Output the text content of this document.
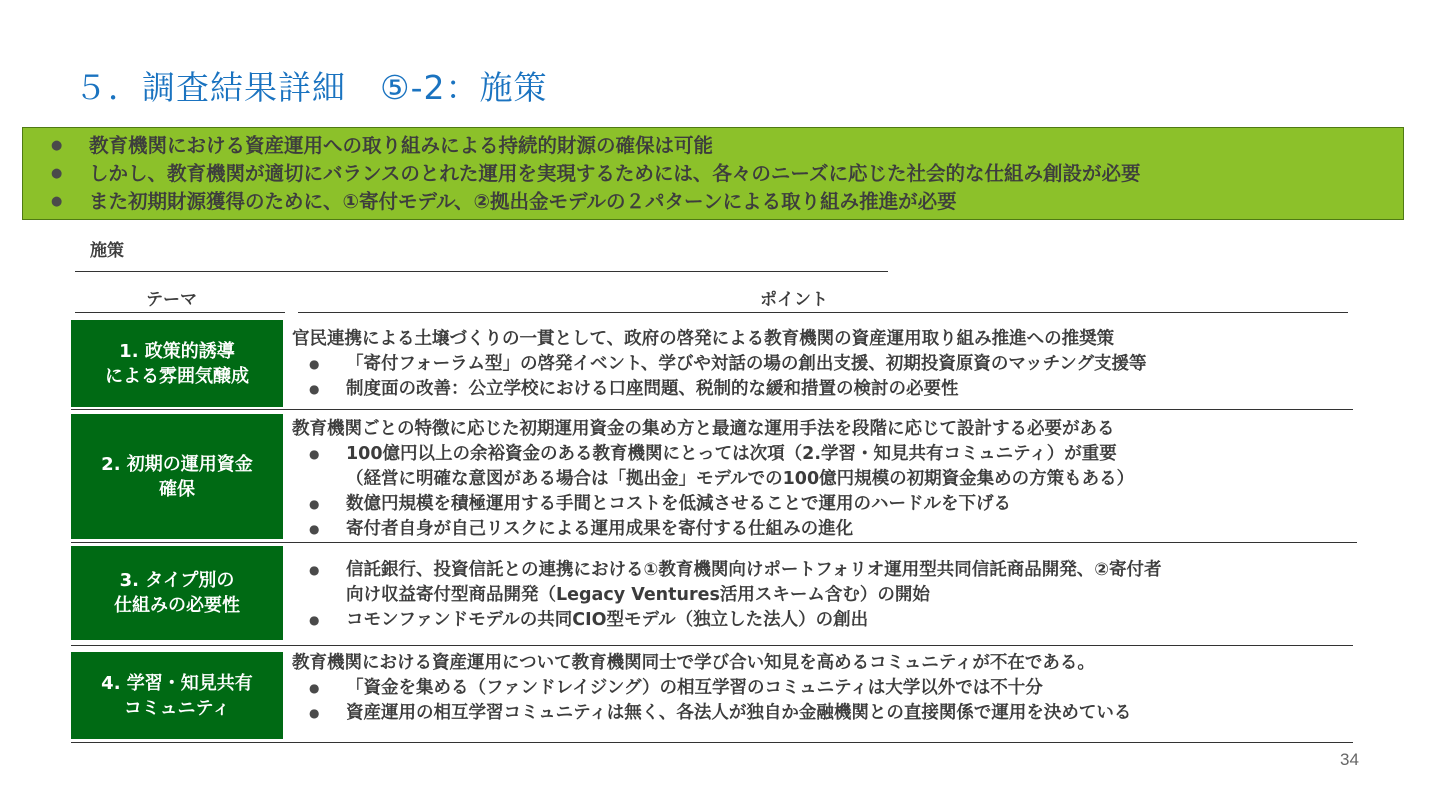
５．調査結果詳細　⑤-2：施策
● 教育機関における資産運用への取り組みによる持続的財源の確保は可能
● しかし、教育機関が適切にバランスのとれた運用を実現するためには、各々のニーズに応じた社会的な仕組み創設が必要
● また初期財源獲得のために、①寄付モデル、②拠出金モデルの２パターンによる取り組み推進が必要
施策
テーマ	ポイント
1. 政策的誘導
による雰囲気醸成
官民連携による土壌づくりの一貫として、政府の啓発による教育機関の資産運用取り組み推進への推奨策
● 「寄付フォーラム型」の啓発イベント、学びや対話の場の創出支援、初期投資原資のマッチング支援等
● 制度面の改善：公立学校における口座問題、税制的な緩和措置の検討の必要性
2. 初期の運用資金
確保
教育機関ごとの特徴に応じた初期運用資金の集め方と最適な運用手法を段階に応じて設計する必要がある
● 100億円以上の余裕資金のある教育機関にとっては次項（2.学習・知見共有コミュニティ）が重要
（経営に明確な意図がある場合は「拠出金」モデルでの100億円規模の初期資金集めの方策もある）
● 数億円規模を積極運用する手間とコストを低減させることで運用のハードルを下げる
● 寄付者自身が自己リスクによる運用成果を寄付する仕組みの進化
3. タイプ別の
仕組みの必要性
● 信託銀行、投資信託との連携における①教育機関向けポートフォリオ運用型共同信託商品開発、②寄付者
向け収益寄付型商品開発（Legacy Ventures活用スキーム含む）の開始
● コモンファンドモデルの共同CIO型モデル（独立した法人）の創出
4. 学習・知見共有
コミュニティ
教育機関における資産運用について教育機関同士で学び合い知見を高めるコミュニティが不在である。
● 「資金を集める（ファンドレイジング）の相互学習のコミュニティは大学以外では不十分
● 資産運用の相互学習コミュニティは無く、各法人が独自か金融機関との直接関係で運用を決めている
34
